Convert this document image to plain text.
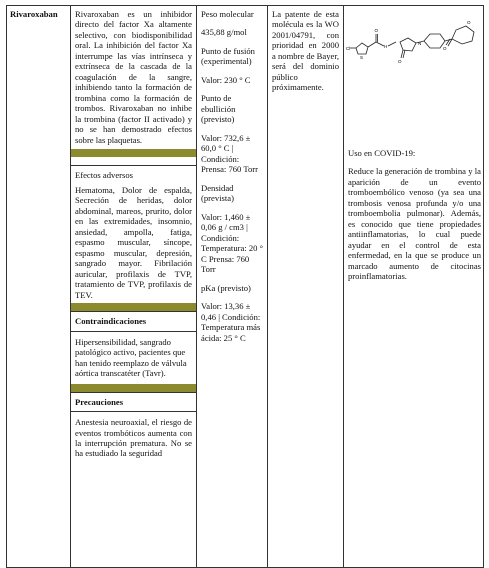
Rivaroxaban	Rivaroxaban es un inhibidor directo del factor Xa altamente selectivo, con biodisponibilidad oral. La inhibición del factor Xa interrumpe las vías intrínseca y extrínseca de la cascada de la coagulación de la sangre, inhibiendo tanto la formación de trombina como la formación de trombos. Rivaroxaban no inhibe la trombina (factor II activado) y no se han demostrado efectos sobre las plaquetas.
Efectos adversos
Hematoma, Dolor de espalda, Secreción de heridas, dolor abdominal, mareos, prurito, dolor en las extremidades, insomnio, ansiedad, ampolla, fatiga, espasmo muscular, síncope, espasmo muscular, depresión, sangrado mayor. Fibrilación auricular, profilaxis de TVP, tratamiento de TVP, profilaxis de TEV.
Contraindicaciones
Hipersensibilidad, sangrado patológico activo, pacientes que han tenido reemplazo de válvula aórtica transcatéter (Tavr).
Precauciones
Anestesia neuroaxial, el riesgo de eventos trombóticos aumenta con la interrupción prematura. No se ha estudiado la seguridad

Peso molecular

435,88 g/mol

Punto de fusión (experimental)

Valor: 230 ° C

Punto de ebullición (previsto)

Valor: 732,6 ± 60,0 ° C | Condición: Prensa: 760 Torr

Densidad (prevista)

Valor: 1,460 ± 0,06 g / cm3 | Condición: Temperatura: 20 ° C Prensa: 760 Torr

pKa (previsto)

Valor: 13,36 ± 0,46 | Condición: Temperatura más ácida: 25 ° C

La patente de esta molécula es la WO 2001/04791, con prioridad en 2000 a nombre de Bayer, será del dominio público próximamente.

Cl
S
O
H
N
O
O
O

Uso en COVID-19:

Reduce la generación de trombina y la aparición de un evento tromboembólico venoso (ya sea una trombosis venosa profunda y/o una tromboembolia pulmonar). Además, es conocido que tiene propiedades antiinflamatorias, lo cual puede ayudar en el control de esta enfermedad, en la que se produce un marcado aumento de citocinas proinflamatorias.
